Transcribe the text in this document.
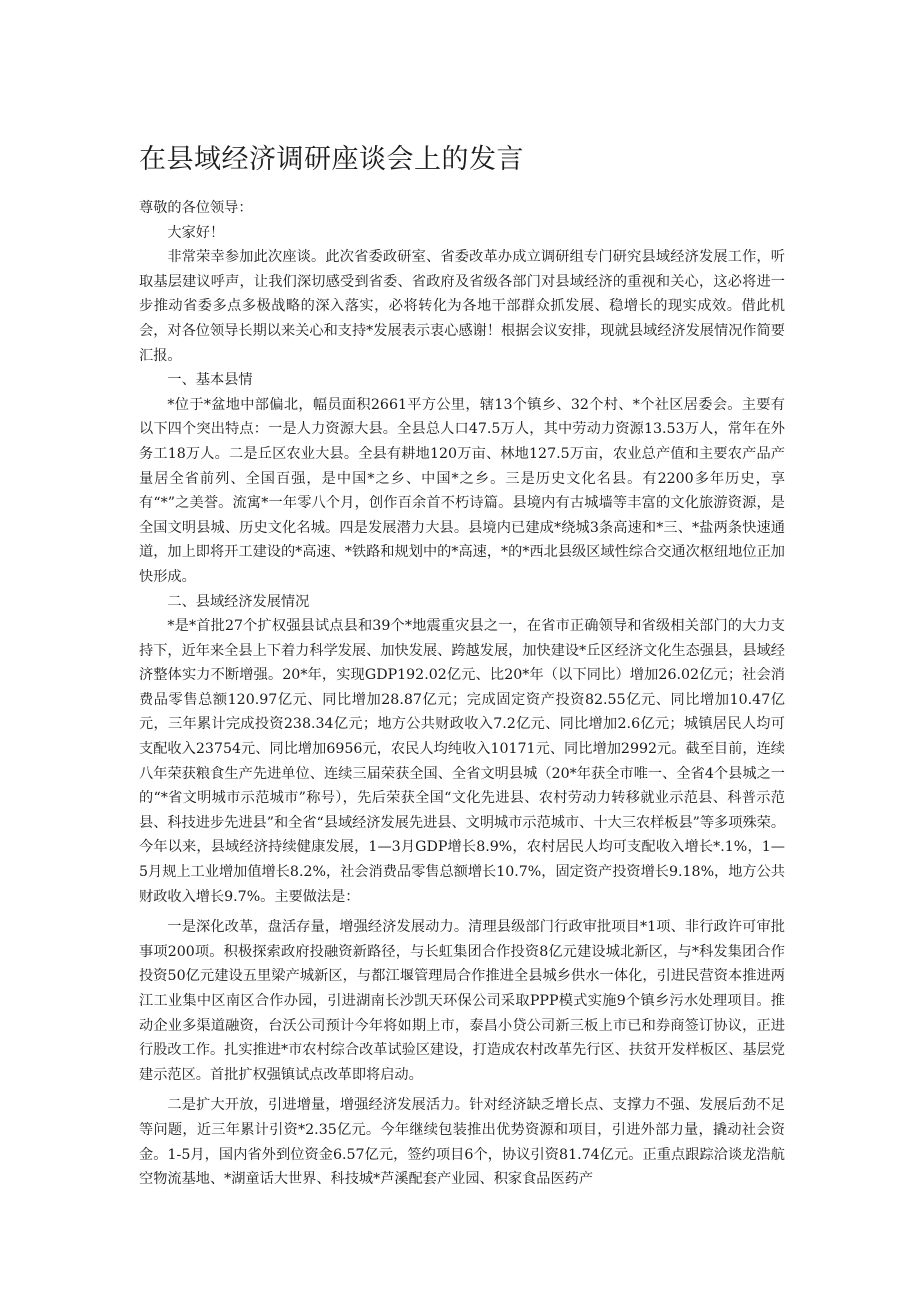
在县域经济调研座谈会上的发言

尊敬的各位领导：

大家好！

非常荣幸参加此次座谈。此次省委政研室、省委改革办成立调研组专门研究县域经济发展工作，听取基层建议呼声，让我们深切感受到省委、省政府及省级各部门对县域经济的重视和关心，这必将进一步推动省委多点多极战略的深入落实，必将转化为各地干部群众抓发展、稳增长的现实成效。借此机会，对各位领导长期以来关心和支持*发展表示衷心感谢！根据会议安排，现就县域经济发展情况作简要汇报。

一、基本县情

*位于*盆地中部偏北，幅员面积2661平方公里，辖13个镇乡、32个村、*个社区居委会。主要有以下四个突出特点：一是人力资源大县。全县总人口47.5万人，其中劳动力资源13.53万人，常年在外务工18万人。二是丘区农业大县。全县有耕地120万亩、林地127.5万亩，农业总产值和主要农产品产量居全省前列、全国百强，是中国*之乡、中国*之乡。三是历史文化名县。有2200多年历史，享有“*”之美誉。流寓*一年零八个月，创作百余首不朽诗篇。县境内有古城墙等丰富的文化旅游资源，是全国文明县城、历史文化名城。四是发展潜力大县。县境内已建成*绕城3条高速和*三、*盐两条快速通道，加上即将开工建设的*高速、*铁路和规划中的*高速，*的*西北县级区域性综合交通次枢纽地位正加快形成。

二、县域经济发展情况

*是*首批27个扩权强县试点县和39个*地震重灾县之一，在省市正确领导和省级相关部门的大力支持下，近年来全县上下着力科学发展、加快发展、跨越发展，加快建设*丘区经济文化生态强县，县域经济整体实力不断增强。20*年，实现GDP192.02亿元、比20*年（以下同比）增加26.02亿元；社会消费品零售总额120.97亿元、同比增加28.87亿元；完成固定资产投资82.55亿元、同比增加10.47亿元，三年累计完成投资238.34亿元；地方公共财政收入7.2亿元、同比增加2.6亿元；城镇居民人均可支配收入23754元、同比增加6956元，农民人均纯收入10171元、同比增加2992元。截至目前，连续八年荣获粮食生产先进单位、连续三届荣获全国、全省文明县城（20*年获全市唯一、全省4个县城之一的“*省文明城市示范城市”称号），先后荣获全国“文化先进县、农村劳动力转移就业示范县、科普示范县、科技进步先进县”和全省“县域经济发展先进县、文明城市示范城市、十大三农样板县”等多项殊荣。今年以来，县域经济持续健康发展，1—3月GDP增长8.9%，农村居民人均可支配收入增长*.1%，1—5月规上工业增加值增长8.2%，社会消费品零售总额增长10.7%，固定资产投资增长9.18%，地方公共财政收入增长9.7%。主要做法是：

一是深化改革，盘活存量，增强经济发展动力。清理县级部门行政审批项目*1项、非行政许可审批事项200项。积极探索政府投融资新路径，与长虹集团合作投资8亿元建设城北新区，与*科发集团合作投资50亿元建设五里梁产城新区，与都江堰管理局合作推进全县城乡供水一体化，引进民营资本推进两江工业集中区南区合作办园，引进湖南长沙凯天环保公司采取PPP模式实施9个镇乡污水处理项目。推动企业多渠道融资，台沃公司预计今年将如期上市，泰昌小贷公司新三板上市已和券商签订协议，正进行股改工作。扎实推进*市农村综合改革试验区建设，打造成农村改革先行区、扶贫开发样板区、基层党建示范区。首批扩权强镇试点改革即将启动。

二是扩大开放，引进增量，增强经济发展活力。针对经济缺乏增长点、支撑力不强、发展后劲不足等问题，近三年累计引资*2.35亿元。今年继续包装推出优势资源和项目，引进外部力量，撬动社会资金。1-5月，国内省外到位资金6.57亿元，签约项目6个，协议引资81.74亿元。正重点跟踪洽谈龙浩航空物流基地、*湖童话大世界、科技城*芦溪配套产业园、积家食品医药产
